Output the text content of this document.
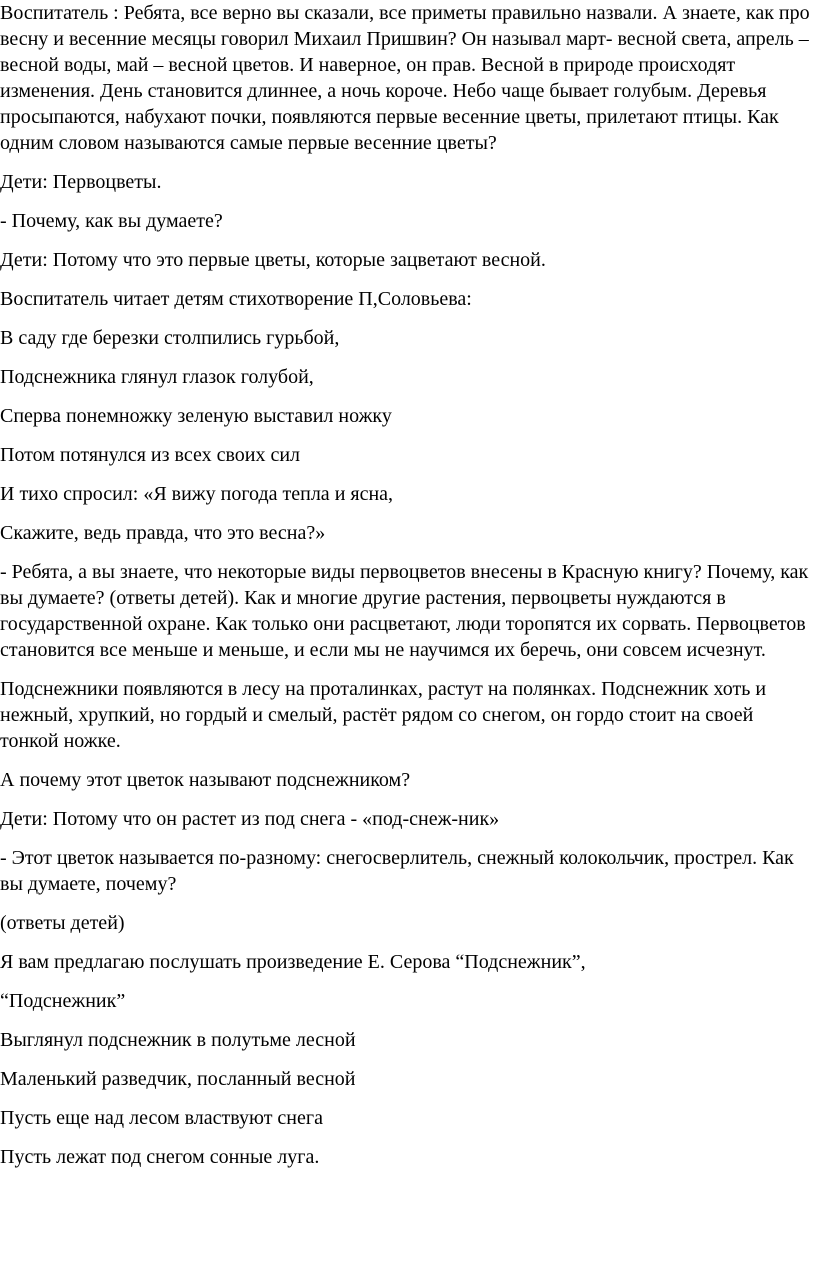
Воспитатель : Ребята, все верно вы сказали, все приметы правильно назвали. А знаете, как про весну и весенние месяцы говорил Михаил Пришвин? Он называл март- весной света, апрель – весной воды, май – весной цветов. И наверное, он прав. Весной в природе происходят изменения. День становится длиннее, а ночь короче. Небо чаще бывает голубым. Деревья просыпаются, набухают почки, появляются первые весенние цветы, прилетают птицы. Как одним словом называются самые первые весенние цветы?

Дети: Первоцветы.

- Почему, как вы думаете?

Дети: Потому что это первые цветы, которые зацветают весной.

Воспитатель читает детям стихотворение П,Соловьева:

В саду где березки столпились гурьбой,

Подснежника глянул глазок голубой,

Сперва понемножку зеленую выставил ножку

Потом потянулся из всех своих сил

И тихо спросил: «Я вижу погода тепла и ясна,

Скажите, ведь правда, что это весна?»

- Ребята, а вы знаете, что некоторые виды первоцветов внесены в Красную книгу? Почему, как вы думаете? (ответы детей). Как и многие другие растения, первоцветы нуждаются в государственной охране. Как только они расцветают, люди торопятся их сорвать. Первоцветов становится все меньше и меньше, и если мы не научимся их беречь, они совсем исчезнут.

Подснежники появляются в лесу на проталинках, растут на полянках. Подснежник хоть и нежный, хрупкий, но гордый и смелый, растёт рядом со снегом, он гордо стоит на своей тонкой ножке.

А почему этот цветок называют подснежником?

Дети: Потому что он растет из под снега - «под-снеж-ник»

- Этот цветок называется по-разному: снегосверлитель, снежный колокольчик, прострел. Как вы думаете, почему?

(ответы детей)

Я вам предлагаю послушать произведение Е. Серова “Подснежник”,

“Подснежник”

Выглянул подснежник в полутьме лесной

Маленький разведчик, посланный весной

Пусть еще над лесом властвуют снега

Пусть лежат под снегом сонные луга.
